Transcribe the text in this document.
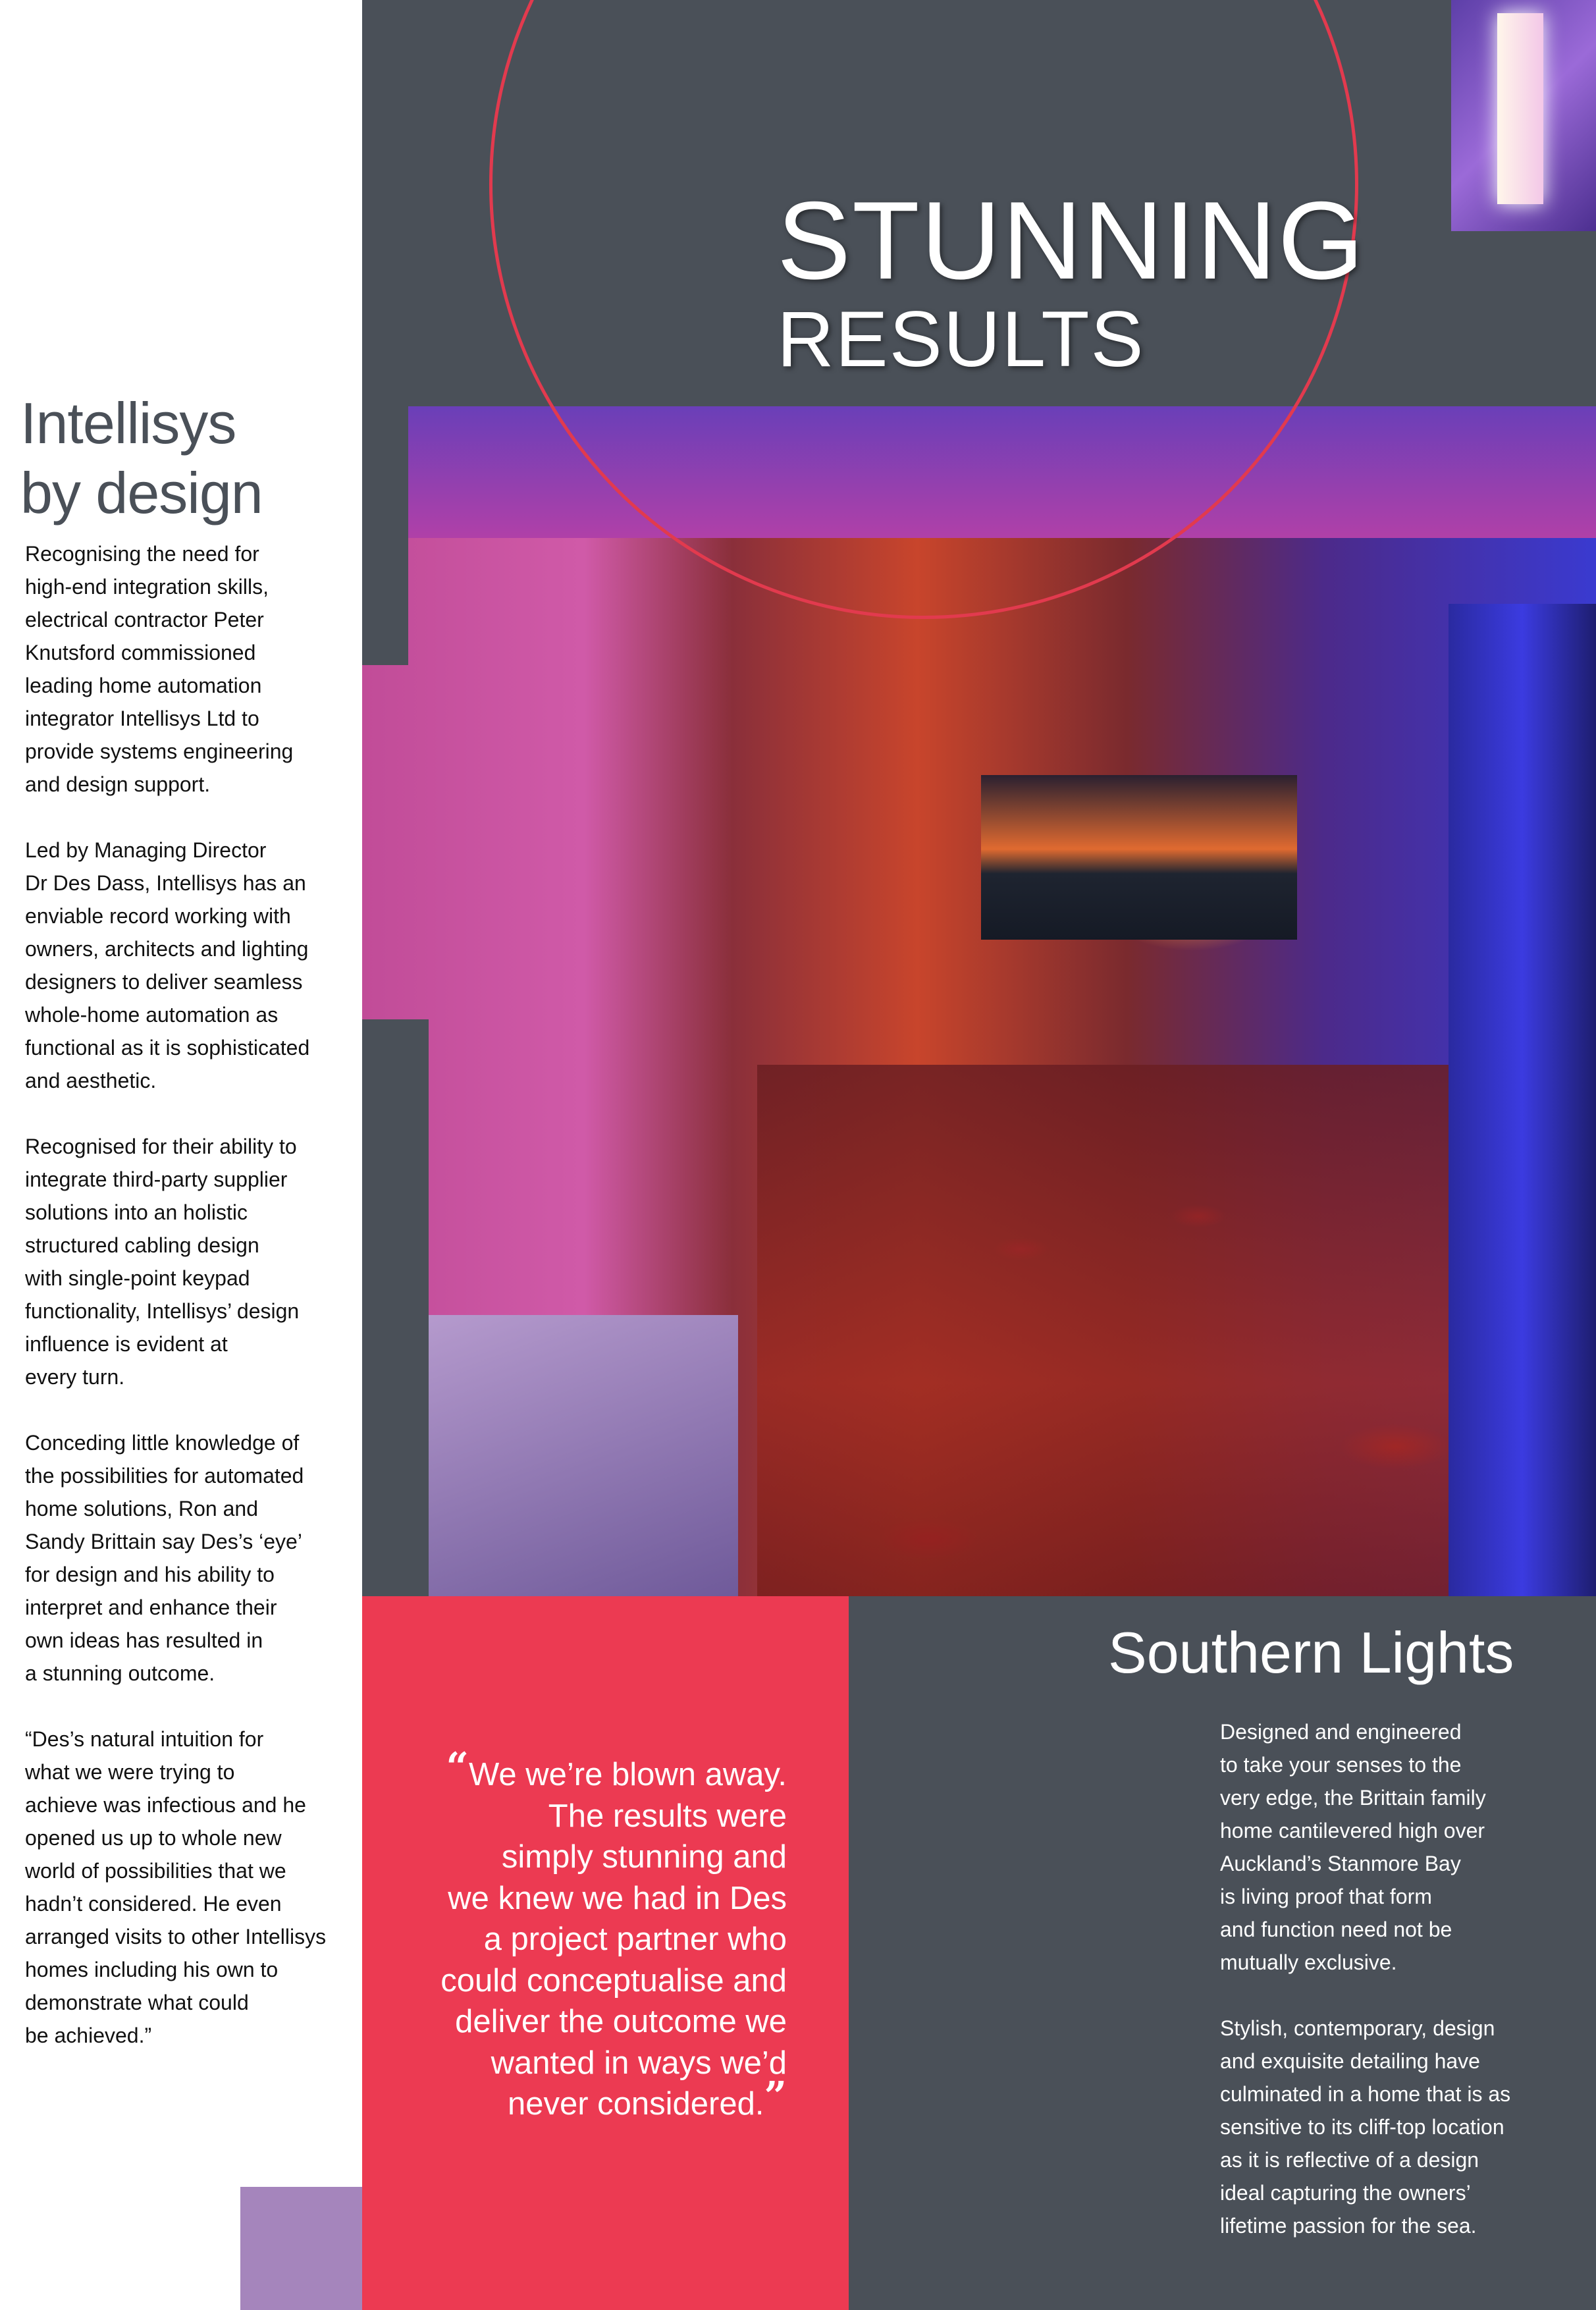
STUNNING
RESULTS
Intellisys
by design
Recognising the need for
high-end integration skills,
electrical contractor Peter
Knutsford commissioned
leading home automation
integrator Intellisys Ltd to
provide systems engineering
and design support.
Led by Managing Director
Dr Des Dass, Intellisys has an
enviable record working with
owners, architects and lighting
designers to deliver seamless
whole-home automation as
functional as it is sophisticated
and aesthetic.
Recognised for their ability to
integrate third-party supplier
solutions into an holistic
structured cabling design
with single-point keypad
functionality, Intellisys’ design
influence is evident at
every turn.
Conceding little knowledge of
the possibilities for automated
home solutions, Ron and
Sandy Brittain say Des’s ‘eye’
for design and his ability to
interpret and enhance their
own ideas has resulted in
a stunning outcome.
“Des’s natural intuition for
what we were trying to
achieve was infectious and he
opened us up to whole new
world of possibilities that we
hadn’t considered. He even
arranged visits to other Intellisys
homes including his own to
demonstrate what could
be achieved.”
“We we’re blown away.
The results were
simply stunning and
we knew we had in Des
a project partner who
could conceptualise and
deliver the outcome we
wanted in ways we’d
never considered.”
Southern Lights
Designed and engineered
to take your senses to the
very edge, the Brittain family
home cantilevered high over
Auckland’s Stanmore Bay
is living proof that form
and function need not be
mutually exclusive.
Stylish, contemporary, design
and exquisite detailing have
culminated in a home that is as
sensitive to its cliff-top location
as it is reflective of a design
ideal capturing the owners’
lifetime passion for the sea.
